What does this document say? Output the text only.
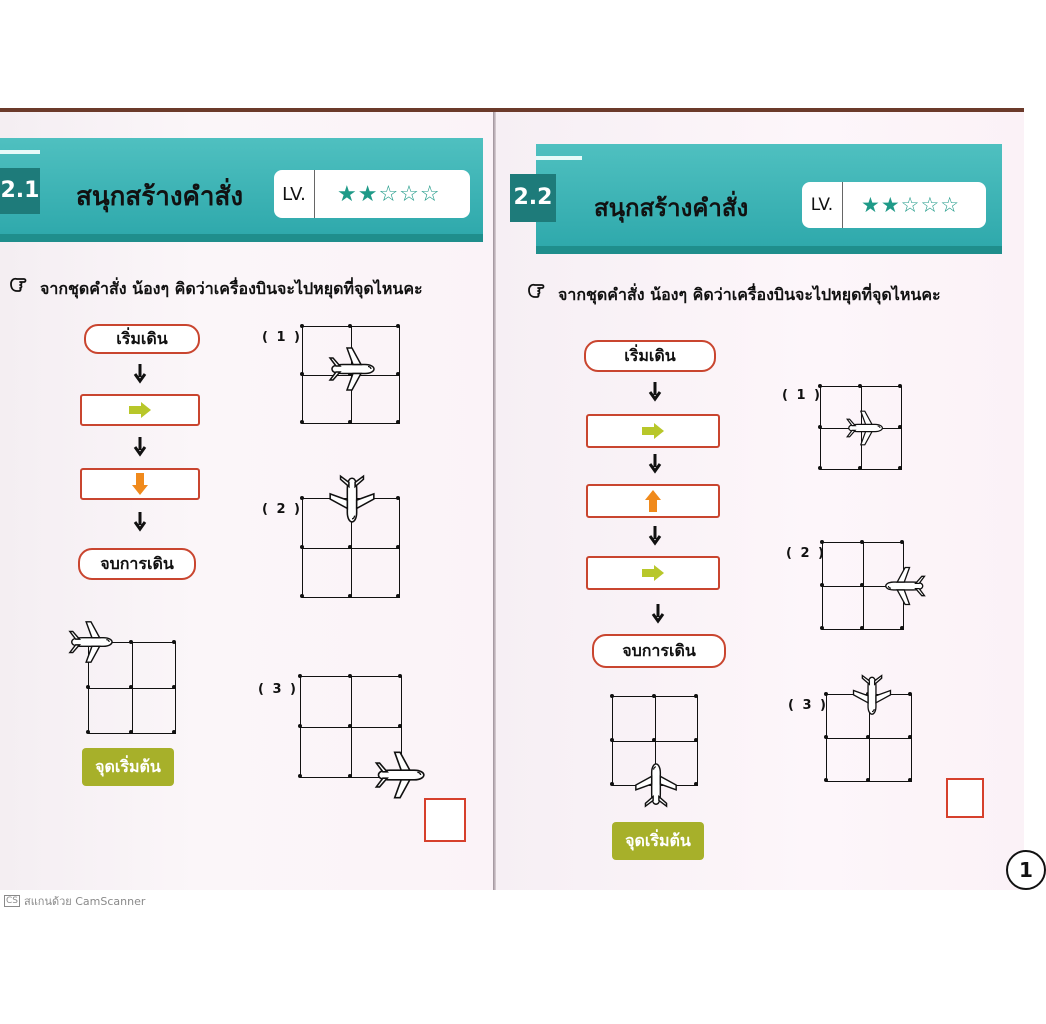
2.1 สนุกสร้างคำสั่ง	LV.	★★☆☆☆
จากชุดคำสั่ง น้องๆ คิดว่าเครื่องบินจะไปหยุดที่จุดไหนคะ
เริ่มเดิน
จบการเดิน
จุดเริ่มต้น
( 1 )
( 2 )
( 3 )
2.2 สนุกสร้างคำสั่ง	LV.	★★☆☆☆
จากชุดคำสั่ง น้องๆ คิดว่าเครื่องบินจะไปหยุดที่จุดไหนคะ
เริ่มเดิน
จบการเดิน
จุดเริ่มต้น
( 1 )
( 2 )
( 3 )
1
CS สแกนด้วย CamScanner
